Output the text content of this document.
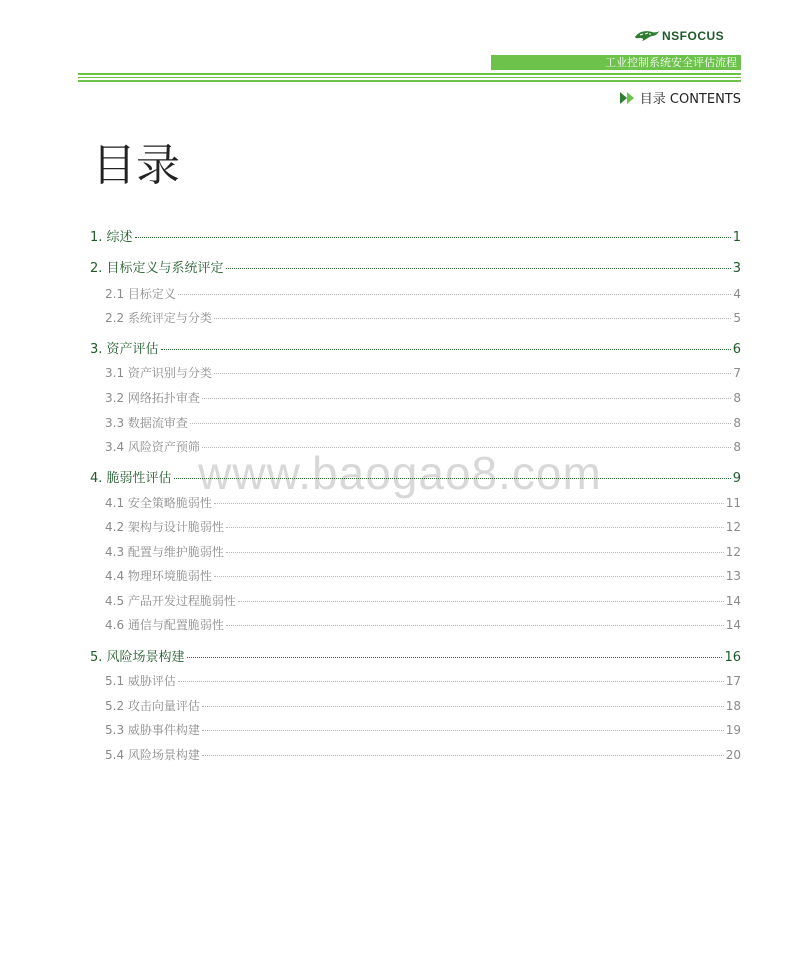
NSFOCUS
工业控制系统安全评估流程
目录 CONTENTS
目录
www.baogao8.com
1. 综述	1
2. 目标定义与系统评定	3
2.1 目标定义	4
2.2 系统评定与分类	5
3. 资产评估	6
3.1 资产识别与分类	7
3.2 网络拓扑审查	8
3.3 数据流审查	8
3.4 风险资产预筛	8
4. 脆弱性评估	9
4.1 安全策略脆弱性	11
4.2 架构与设计脆弱性	12
4.3 配置与维护脆弱性	12
4.4 物理环境脆弱性	13
4.5 产品开发过程脆弱性	14
4.6 通信与配置脆弱性	14
5. 风险场景构建	16
5.1 威胁评估	17
5.2 攻击向量评估	18
5.3 威胁事件构建	19
5.4 风险场景构建	20
